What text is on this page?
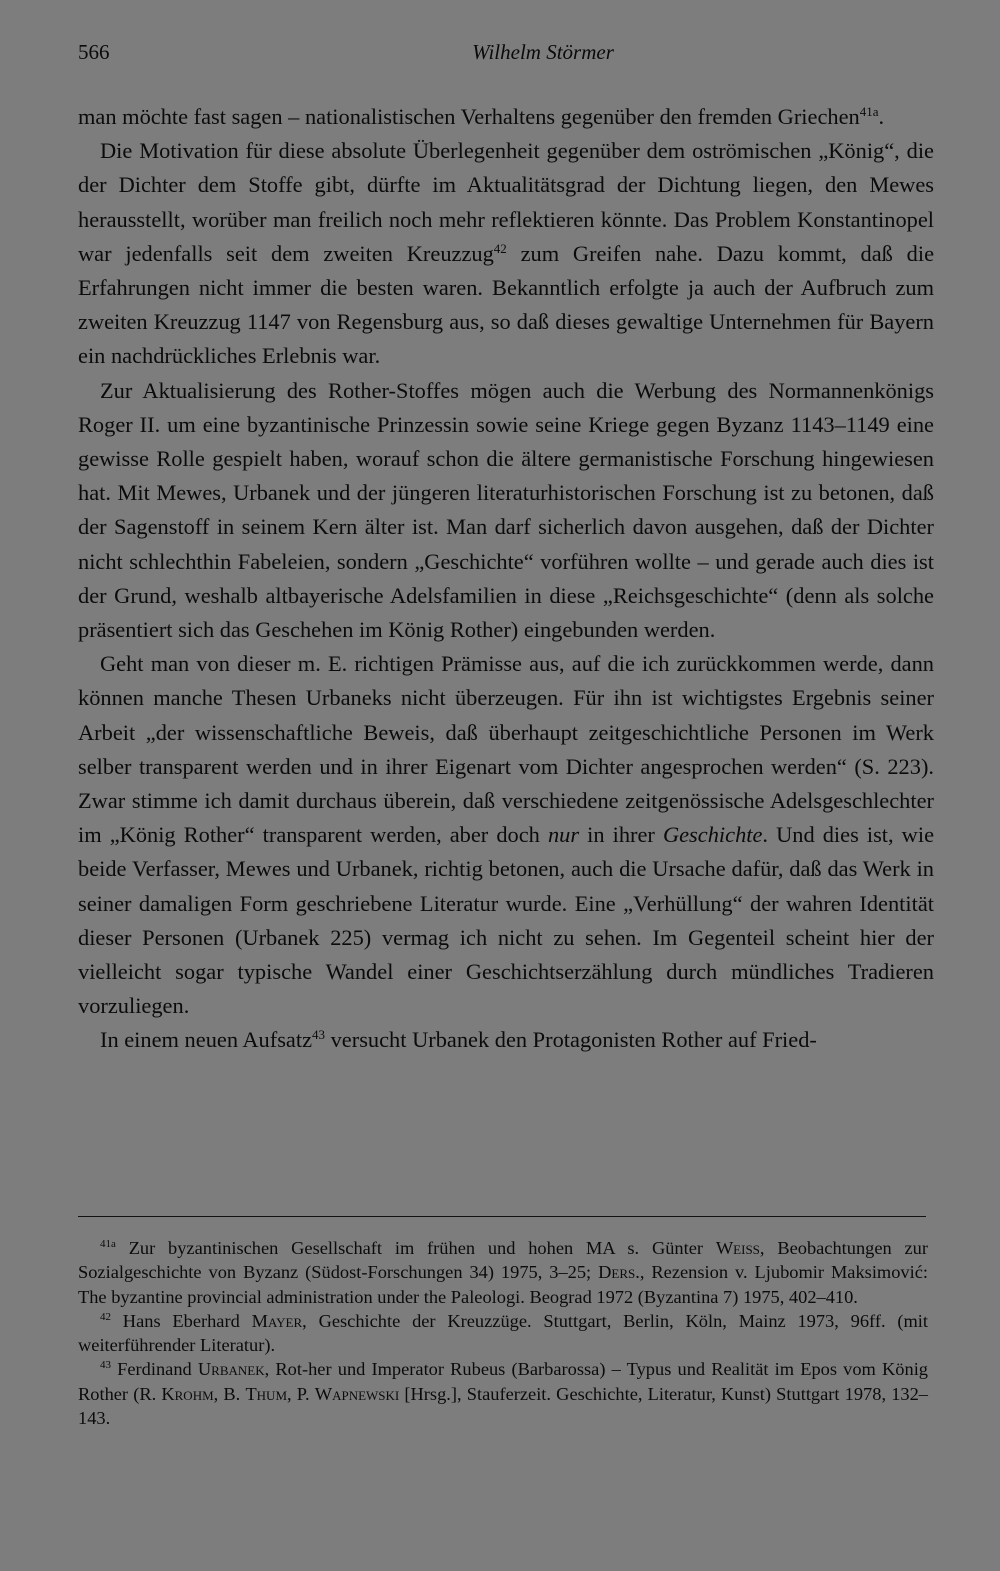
566	Wilhelm Störmer

man möchte fast sagen – nationalistischen Verhaltens gegenüber den fremden Griechen$^{41a}$.

Die Motivation für diese absolute Überlegenheit gegenüber dem oströmischen „König“, die der Dichter dem Stoffe gibt, dürfte im Aktualitätsgrad der Dichtung liegen, den Mewes herausstellt, worüber man freilich noch mehr reflektieren könnte. Das Problem Konstantinopel war jedenfalls seit dem zweiten Kreuzzug$^{42}$ zum Greifen nahe. Dazu kommt, daß die Erfahrungen nicht immer die besten waren. Bekanntlich erfolgte ja auch der Aufbruch zum zweiten Kreuzzug 1147 von Regensburg aus, so daß dieses gewaltige Unternehmen für Bayern ein nachdrückliches Erlebnis war.

Zur Aktualisierung des Rother-Stoffes mögen auch die Werbung des Normannenkönigs Roger II. um eine byzantinische Prinzessin sowie seine Kriege gegen Byzanz 1143–1149 eine gewisse Rolle gespielt haben, worauf schon die ältere germanistische Forschung hingewiesen hat. Mit Mewes, Urbanek und der jüngeren literaturhistorischen Forschung ist zu betonen, daß der Sagenstoff in seinem Kern älter ist. Man darf sicherlich davon ausgehen, daß der Dichter nicht schlechthin Fabeleien, sondern „Geschichte“ vorführen wollte – und gerade auch dies ist der Grund, weshalb altbayerische Adelsfamilien in diese „Reichsgeschichte“ (denn als solche präsentiert sich das Geschehen im König Rother) eingebunden werden.

Geht man von dieser m. E. richtigen Prämisse aus, auf die ich zurückkommen werde, dann können manche Thesen Urbaneks nicht überzeugen. Für ihn ist wichtigstes Ergebnis seiner Arbeit „der wissenschaftliche Beweis, daß überhaupt zeitgeschichtliche Personen im Werk selber transparent werden und in ihrer Eigenart vom Dichter angesprochen werden“ (S. 223). Zwar stimme ich damit durchaus überein, daß verschiedene zeitgenössische Adelsgeschlechter im „König Rother“ transparent werden, aber doch nur in ihrer Geschichte. Und dies ist, wie beide Verfasser, Mewes und Urbanek, richtig betonen, auch die Ursache dafür, daß das Werk in seiner damaligen Form geschriebene Literatur wurde. Eine „Verhüllung“ der wahren Identität dieser Personen (Urbanek 225) vermag ich nicht zu sehen. Im Gegenteil scheint hier der vielleicht sogar typische Wandel einer Geschichtserzählung durch mündliches Tradieren vorzuliegen.

In einem neuen Aufsatz$^{43}$ versucht Urbanek den Protagonisten Rother auf Fried-

$^{41a}$ Zur byzantinischen Gesellschaft im frühen und hohen MA s. Günter Weiss, Beobachtungen zur Sozialgeschichte von Byzanz (Südost-Forschungen 34) 1975, 3–25; Ders., Rezension v. Ljubomir Maksimović: The byzantine provincial administration under the Paleologi. Beograd 1972 (Byzantina 7) 1975, 402–410.

$^{42}$ Hans Eberhard Mayer, Geschichte der Kreuzzüge. Stuttgart, Berlin, Köln, Mainz 1973, 96ff. (mit weiterführender Literatur).

$^{43}$ Ferdinand Urbanek, Rot-her und Imperator Rubeus (Barbarossa) – Typus und Realität im Epos vom König Rother (R. Krohm, B. Thum, P. Wapnewski [Hrsg.], Stauferzeit. Geschichte, Literatur, Kunst) Stuttgart 1978, 132–143.
